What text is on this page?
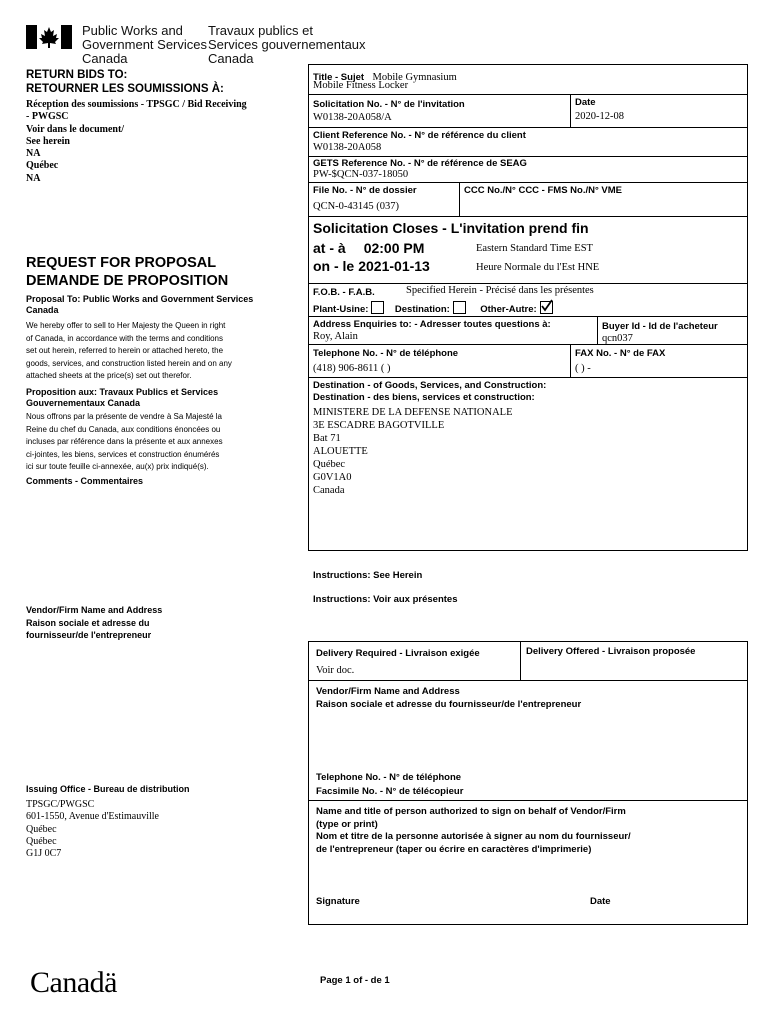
Public Works and
Government Services
Canada
Travaux publics et
Services gouvernementaux
Canada
RETURN BIDS TO:
RETOURNER LES SOUMISSIONS À:
Réception des soumissions - TPSGC / Bid Receiving
- PWGSC
Voir dans le document/
See herein
NA
Québec
NA
REQUEST FOR PROPOSAL
DEMANDE DE PROPOSITION
Proposal To: Public Works and Government Services Canada
We hereby offer to sell to Her Majesty the Queen in right
of Canada, in accordance with the terms and conditions
set out herein, referred to herein or attached hereto, the
goods, services, and construction listed herein and on any
attached sheets at the price(s) set out therefor.
Proposition aux: Travaux Publics et Services Gouvernementaux Canada
Nous offrons par la présente de vendre à Sa Majesté la
Reine du chef du Canada, aux conditions énoncées ou
incluses par référence dans la présente et aux annexes
ci-jointes, les biens, services et construction énumérés
ici sur toute feuille ci-annexée, au(x) prix indiqué(s).
Comments - Commentaires
Vendor/Firm Name and Address
Raison sociale et adresse du
fournisseur/de l'entrepreneur
Issuing Office - Bureau de distribution
TPSGC/PWGSC
601-1550, Avenue d'Estimauville
Québec
Québec
G1J 0C7
Title - Sujet Mobile Gymnasium
Mobile Fitness Locker
Solicitation No. - N° de l'invitation
W0138-20A058/A
Date
2020-12-08
Client Reference No. - N° de référence du client
W0138-20A058
GETS Reference No. - N° de référence de SEAG
PW-$QCN-037-18050
File No. - N° de dossier
QCN-0-43145 (037)
CCC No./N° CCC - FMS No./N° VME
Solicitation Closes - L'invitation prend fin
at - à 02:00 PM
on - le 2021-01-13
Eastern Standard Time EST
Heure Normale du l'Est HNE
F.O.B. - F.A.B.	Specified Herein - Précisé dans les présentes
Plant-Usine:	Destination:	Other-Autre:
Address Enquiries to: - Adresser toutes questions à:
Roy, Alain
Buyer Id - Id de l'acheteur
qcn037
Telephone No. - N° de téléphone
(418) 906-8611 ( )
FAX No. - N° de FAX
( ) -
Destination - of Goods, Services, and Construction:
Destination - des biens, services et construction:
MINISTERE DE LA DEFENSE NATIONALE
3E ESCADRE BAGOTVILLE
Bat 71
ALOUETTE
Québec
G0V1A0
Canada
Instructions: See Herein
Instructions: Voir aux présentes
Delivery Required - Livraison exigée
Voir doc.
Delivery Offered - Livraison proposée
Vendor/Firm Name and Address
Raison sociale et adresse du fournisseur/de l'entrepreneur
Telephone No. - N° de téléphone
Facsimile No. - N° de télécopieur
Name and title of person authorized to sign on behalf of Vendor/Firm
(type or print)
Nom et titre de la personne autorisée à signer au nom du fournisseur/
de l'entrepreneur (taper ou écrire en caractères d'imprimerie)
Signature	Date
Canadä	Page 1 of - de 1
